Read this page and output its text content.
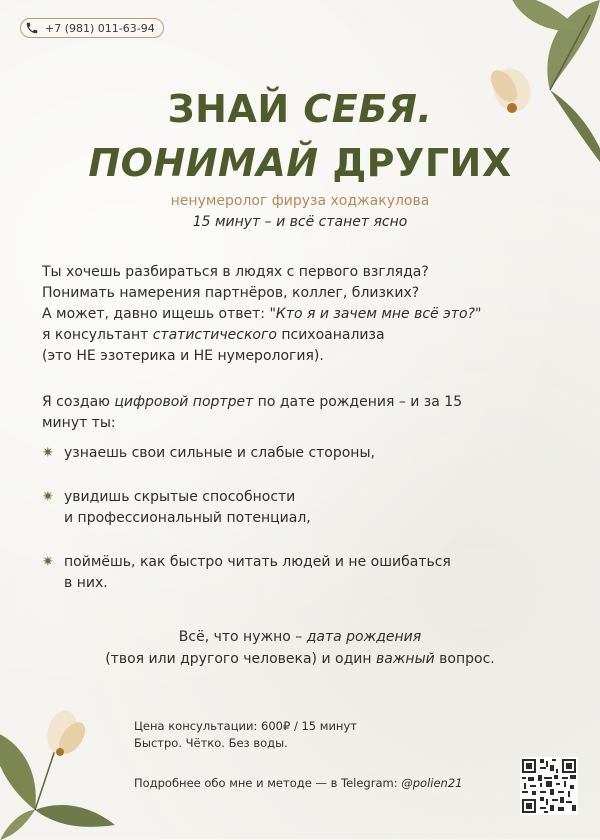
+7 (981) 011-63-94
ЗНАЙ СЕБЯ.
ПОНИМАЙ ДРУГИХ
ненумеролог фируза ходжакулова
15 минут – и всё станет ясно
Ты хочешь разбираться в людях с первого взгляда?
Понимать намерения партнёров, коллег, близких?
А может, давно ищешь ответ: "Кто я и зачем мне всё это?"
я консультант статистического психоанализа
(это НЕ эзотерика и НЕ нумерология).
Я создаю цифровой портрет по дате рождения – и за 15
минут ты:
✷ узнаешь свои сильные и слабые стороны,
✷ увидишь скрытые способности
и профессиональный потенциал,
✷ поймёшь, как быстро читать людей и не ошибаться
в них.
Всё, что нужно – дата рождения
(твоя или другого человека) и один важный вопрос.
Цена консультации: 600₽ / 15 минут
Быстро. Чётко. Без воды.
Подробнее обо мне и методе — в Telegram: @polien21
